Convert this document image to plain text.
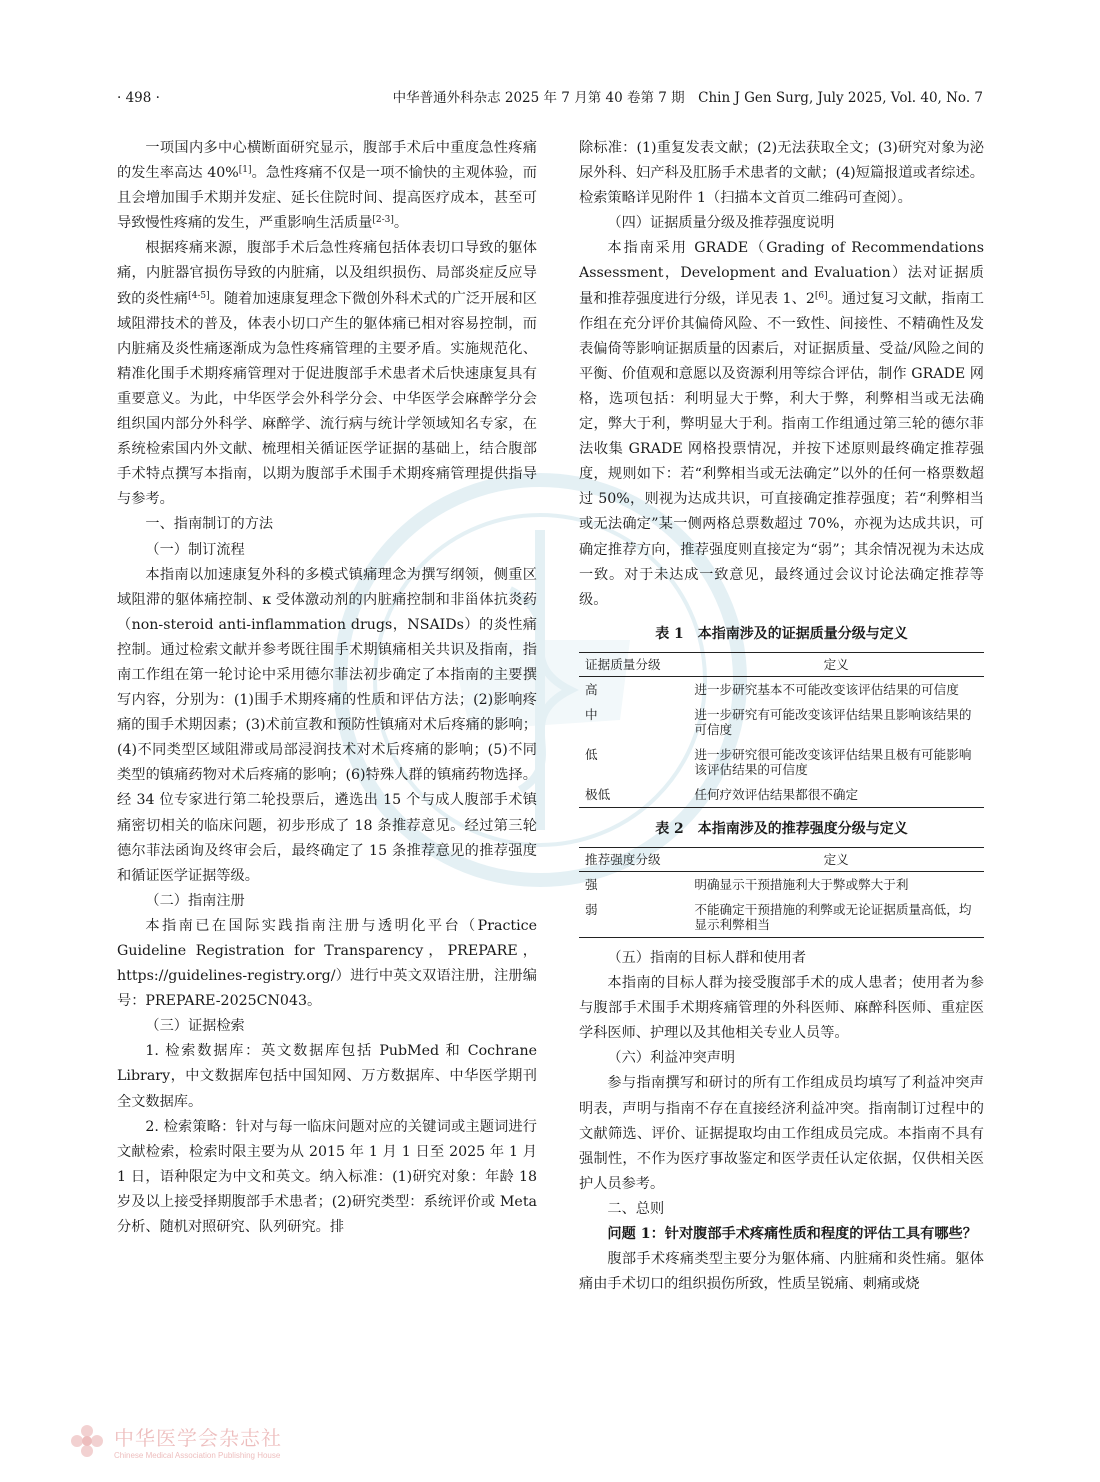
· 498 ·	中华普通外科杂志 2025 年 7 月第 40 卷第 7 期　Chin J Gen Surg, July 2025, Vol. 40, No. 7

一项国内多中心横断面研究显示，腹部手术后中重度急性疼痛的发生率高达 40%[1]。急性疼痛不仅是一项不愉快的主观体验，而且会增加围手术期并发症、延长住院时间、提高医疗成本，甚至可导致慢性疼痛的发生，严重影响生活质量[2-3]。

根据疼痛来源，腹部手术后急性疼痛包括体表切口导致的躯体痛，内脏器官损伤导致的内脏痛，以及组织损伤、局部炎症反应导致的炎性痛[4-5]。随着加速康复理念下微创外科术式的广泛开展和区域阻滞技术的普及，体表小切口产生的躯体痛已相对容易控制，而内脏痛及炎性痛逐渐成为急性疼痛管理的主要矛盾。实施规范化、精准化围手术期疼痛管理对于促进腹部手术患者术后快速康复具有重要意义。为此，中华医学会外科学分会、中华医学会麻醉学分会组织国内部分外科学、麻醉学、流行病与统计学领域知名专家，在系统检索国内外文献、梳理相关循证医学证据的基础上，结合腹部手术特点撰写本指南，以期为腹部手术围手术期疼痛管理提供指导与参考。

一、指南制订的方法

（一）制订流程

本指南以加速康复外科的多模式镇痛理念为撰写纲领，侧重区域阻滞的躯体痛控制、κ 受体激动剂的内脏痛控制和非甾体抗炎药（non-steroid anti-inflammation drugs，NSAIDs）的炎性痛控制。通过检索文献并参考既往围手术期镇痛相关共识及指南，指南工作组在第一轮讨论中采用德尔菲法初步确定了本指南的主要撰写内容，分别为：(1)围手术期疼痛的性质和评估方法；(2)影响疼痛的围手术期因素；(3)术前宣教和预防性镇痛对术后疼痛的影响；(4)不同类型区域阻滞或局部浸润技术对术后疼痛的影响；(5)不同类型的镇痛药物对术后疼痛的影响；(6)特殊人群的镇痛药物选择。经 34 位专家进行第二轮投票后，遴选出 15 个与成人腹部手术镇痛密切相关的临床问题，初步形成了 18 条推荐意见。经过第三轮德尔菲法函询及终审会后，最终确定了 15 条推荐意见的推荐强度和循证医学证据等级。

（二）指南注册

本指南已在国际实践指南注册与透明化平台（Practice Guideline Registration for Transparency，PREPARE，https://guidelines-registry.org/）进行中英文双语注册，注册编号：PREPARE-2025CN043。

（三）证据检索

1. 检索数据库：英文数据库包括 PubMed 和 Cochrane Library，中文数据库包括中国知网、万方数据库、中华医学期刊全文数据库。

2. 检索策略：针对与每一临床问题对应的关键词或主题词进行文献检索，检索时限主要为从 2015 年 1 月 1 日至 2025 年 1 月 1 日，语种限定为中文和英文。纳入标准：(1)研究对象：年龄 18 岁及以上接受择期腹部手术患者；(2)研究类型：系统评价或 Meta 分析、随机对照研究、队列研究。排

除标准：(1)重复发表文献；(2)无法获取全文；(3)研究对象为泌尿外科、妇产科及肛肠手术患者的文献；(4)短篇报道或者综述。检索策略详见附件 1（扫描本文首页二维码可查阅）。

（四）证据质量分级及推荐强度说明

本指南采用 GRADE（Grading of Recommendations Assessment，Development and Evaluation）法对证据质量和推荐强度进行分级，详见表 1、2[6]。通过复习文献，指南工作组在充分评价其偏倚风险、不一致性、间接性、不精确性及发表偏倚等影响证据质量的因素后，对证据质量、受益/风险之间的平衡、价值观和意愿以及资源利用等综合评估，制作 GRADE 网格，选项包括：利明显大于弊，利大于弊，利弊相当或无法确定，弊大于利，弊明显大于利。指南工作组通过第三轮的德尔菲法收集 GRADE 网格投票情况，并按下述原则最终确定推荐强度，规则如下：若“利弊相当或无法确定”以外的任何一格票数超过 50%，则视为达成共识，可直接确定推荐强度；若“利弊相当或无法确定”某一侧两格总票数超过 70%，亦视为达成共识，可确定推荐方向，推荐强度则直接定为“弱”；其余情况视为未达成一致。对于未达成一致意见，最终通过会议讨论法确定推荐等级。

表 1　本指南涉及的证据质量分级与定义
证据质量分级	定义
高	进一步研究基本不可能改变该评估结果的可信度
中	进一步研究有可能改变该评估结果且影响该结果的可信度
低	进一步研究很可能改变该评估结果且极有可能影响该评估结果的可信度
极低	任何疗效评估结果都很不确定
表 2　本指南涉及的推荐强度分级与定义
推荐强度分级	定义
强	明确显示干预措施利大于弊或弊大于利
弱	不能确定干预措施的利弊或无论证据质量高低，均显示利弊相当

（五）指南的目标人群和使用者

本指南的目标人群为接受腹部手术的成人患者；使用者为参与腹部手术围手术期疼痛管理的外科医师、麻醉科医师、重症医学科医师、护理以及其他相关专业人员等。

（六）利益冲突声明

参与指南撰写和研讨的所有工作组成员均填写了利益冲突声明表，声明与指南不存在直接经济利益冲突。指南制订过程中的文献筛选、评价、证据提取均由工作组成员完成。本指南不具有强制性，不作为医疗事故鉴定和医学责任认定依据，仅供相关医护人员参考。

二、总则

问题 1：针对腹部手术疼痛性质和程度的评估工具有哪些？

腹部手术疼痛类型主要分为躯体痛、内脏痛和炎性痛。躯体痛由手术切口的组织损伤所致，性质呈锐痛、刺痛或烧

中华医学会杂志社
Chinese Medical Association Publishing House
